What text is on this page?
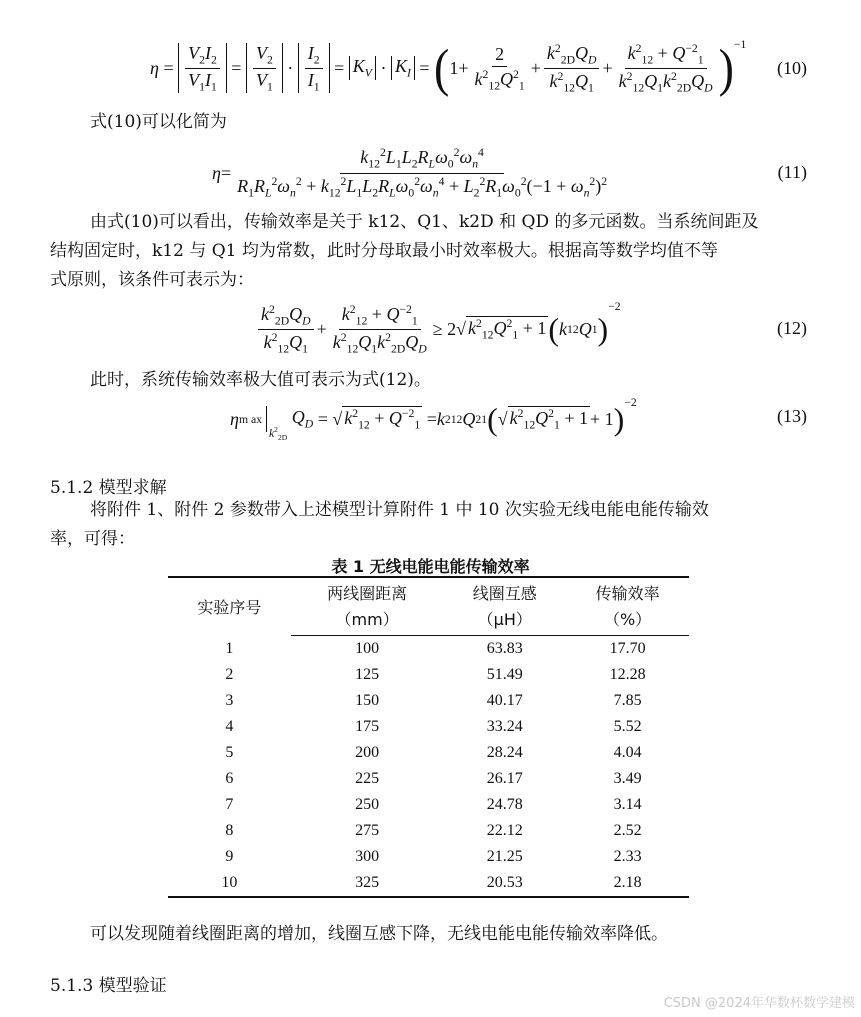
$\eta = \frac{V_2I_2}{V_1I_1} = \frac{V_2}{V_1} \cdot \frac{I_2}{I_1} = K_V \cdot K_I$ = ( $1+ \frac{2}{k^2_{12}Q^2_1} + \frac{k^2_{2D}Q_D}{k^2_{12}Q_1} + \frac{k^2_{12} + Q^{-2}_1}{k^2_{12}Q_1k^2_{2D}Q_D} )^{-1}$
(10)
式(10)可以化简为
$\eta = \frac{k_{12}^2L_1L_2R_L\omega_0^2\omega_n^4}{R_1R_L^2\omega_n^2 + k_{12}^2L_1L_2R_L\omega_0^2\omega_n^4 + L_2^2R_1\omega_0^2(-1 + \omega_n^2)^2}$	(11)
由式(10)可以看出，传输效率是关于 k12、Q1、k2D 和 QD 的多元函数。当系统间距及
结构固定时，k12 与 Q1 均为常数，此时分母取最小时效率极大。根据高等数学均值不等
式原则，该条件可表示为：
$\frac{k^2_{2D}Q_D}{k^2_{12}Q_1} + \frac{k^2_{12} + Q^{-2}_1}{k^2_{12}Q_1k^2_{2D}Q_D} \ge 2√$ $k^2_{12}Q^2_1 + 1$ ( k 12 Q 1 )
−2
(12)
此时，系统传输效率极大值可表示为式(12)。
η m ax
$_{k^2_{2D}}$

$Q_D$ = √ $k^2_{12} + Q^{-2}_1 = k$ 2 12 Q 2 1 ( √ $k^2_{12}Q^2_1 + 1 + 1$ )$^{-2}$
(13)
5.1.2 模型求解
将附件 1、附件 2 参数带入上述模型计算附件 1 中 10 次实验无线电能电能传输效
率，可得：
表 1 无线电能电能传输效率
实验序号	两线圈距离	线圈互感	传输效率
	（mm）	（μH）	（%）
1	100	63.83	17.70
2	125	51.49	12.28
3	150	40.17	7.85
4	175	33.24	5.52
5	200	28.24	4.04
6	225	26.17	3.49
7	250	24.78	3.14
8	275	22.12	2.52
9	300	21.25	2.33
10	325	20.53	2.18
可以发现随着线圈距离的增加，线圈互感下降，无线电能电能传输效率降低。
5.1.3 模型验证
CSDN @2024年华数杯数学建模
